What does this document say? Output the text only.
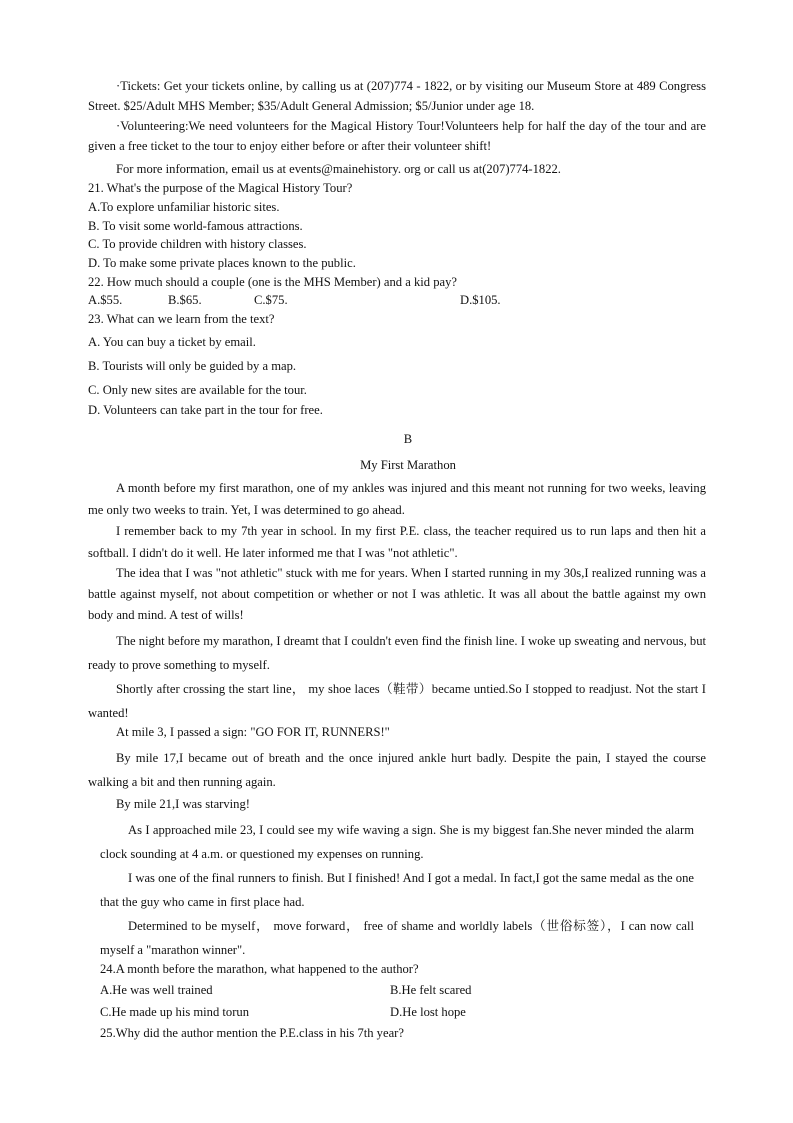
·Tickets: Get your tickets online, by calling us at (207)774 - 1822, or by visiting our Museum Store at 489 Congress Street. $25/Adult MHS Member; $35/Adult General Admission; $5/Junior under age 18.

·Volunteering:We need volunteers for the Magical History Tour!Volunteers help for half the day of the tour and are given a free ticket to the tour to enjoy either before or after their volunteer shift!

For more information, email us at events@mainehistory. org or call us at(207)774-1822.

21. What's the purpose of the Magical History Tour?

A.To explore unfamiliar historic sites.

B. To visit some world-famous attractions.

C. To provide children with history classes.

D. To make some private places known to the public.

22. How much should a couple (one is the MHS Member) and a kid pay?

A.$55.	B.$65.	C.$75.	D.$105.

23. What can we learn from the text?

A. You can buy a ticket by email.

B. Tourists will only be guided by a map.

C. Only new sites are available for the tour.

D. Volunteers can take part in the tour for free.

B

My First Marathon

A month before my first marathon, one of my ankles was injured and this meant not running for two weeks, leaving me only two weeks to train. Yet, I was determined to go ahead.

I remember back to my 7th year in school. In my first P.E. class, the teacher required us to run laps and then hit a softball. I didn't do it well. He later informed me that I was "not athletic".

The idea that I was "not athletic" stuck with me for years. When I started running in my 30s,I realized running was a battle against myself, not about competition or whether or not I was athletic. It was all about the battle against my own body and mind. A test of wills!

The night before my marathon, I dreamt that I couldn't even find the finish line. I woke up sweating and nervous, but ready to prove something to myself.

Shortly after crossing the start line， my shoe laces（鞋带）became untied.So I stopped to readjust. Not the start I wanted!

At mile 3, I passed a sign: "GO FOR IT, RUNNERS!"

By mile 17,I became out of breath and the once injured ankle hurt badly. Despite the pain, I stayed the course walking a bit and then running again.

By mile 21,I was starving!

As I approached mile 23, I could see my wife waving a sign. She is my biggest fan.She never minded the alarm clock sounding at 4 a.m. or questioned my expenses on running.

I was one of the final runners to finish. But I finished! And I got a medal. In fact,I got the same medal as the one that the guy who came in first place had.

Determined to be myself， move forward， free of shame and worldly labels（世俗标签），I can now call myself a "marathon winner".

24.A month before the marathon, what happened to the author?

A.He was well trained	B.He felt scared

C.He made up his mind torun	D.He lost hope

25.Why did the author mention the P.E.class in his 7th year?
